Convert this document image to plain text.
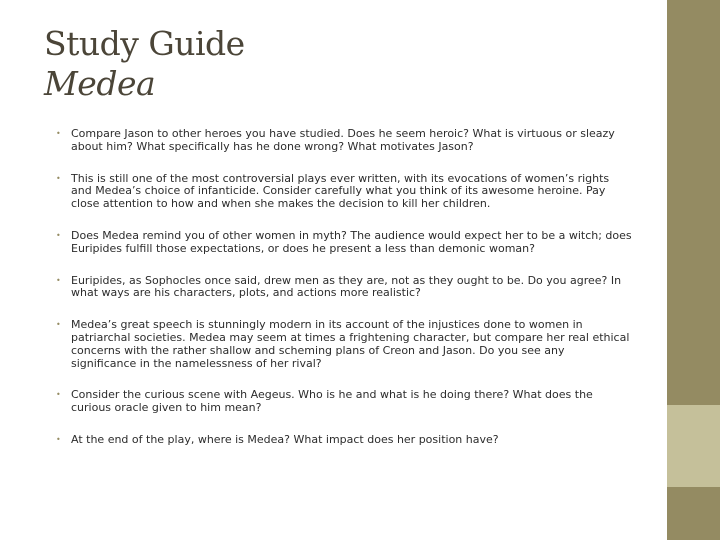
Study Guide
Medea
• Compare Jason to other heroes you have studied. Does he seem heroic? What is virtuous or sleazy about him? What specifically has he done wrong? What motivates Jason?
• This is still one of the most controversial plays ever written, with its evocations of women’s rights and Medea’s choice of infanticide. Consider carefully what you think of its awesome heroine. Pay close attention to how and when she makes the decision to kill her children.
• Does Medea remind you of other women in myth? The audience would expect her to be a witch; does Euripides fulfill those expectations, or does he present a less than demonic woman?
• Euripides, as Sophocles once said, drew men as they are, not as they ought to be. Do you agree? In what ways are his characters, plots, and actions more realistic?
• Medea’s great speech is stunningly modern in its account of the injustices done to women in patriarchal societies. Medea may seem at times a frightening character, but compare her real ethical concerns with the rather shallow and scheming plans of Creon and Jason. Do you see any significance in the namelessness of her rival?
• Consider the curious scene with Aegeus. Who is he and what is he doing there? What does the curious oracle given to him mean?
• At the end of the play, where is Medea? What impact does her position have?
